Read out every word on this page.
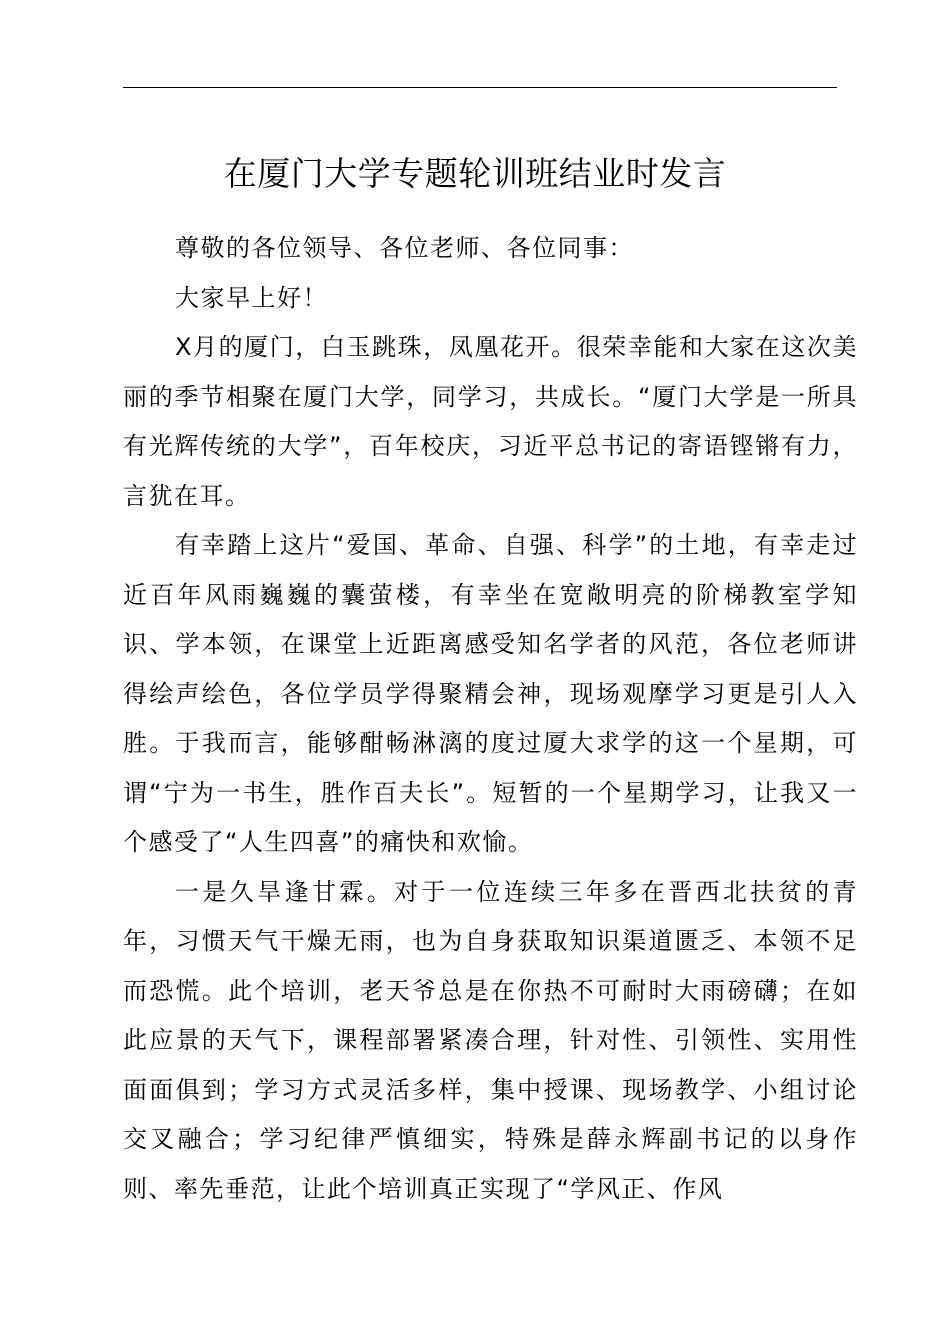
在厦门大学专题轮训班结业时发言

尊敬的各位领导、各位老师、各位同事：

大家早上好！

X月的厦门，白玉跳珠，凤凰花开。很荣幸能和大家在这次美丽的季节相聚在厦门大学，同学习，共成长。“厦门大学是一所具有光辉传统的大学”，百年校庆，习近平总书记的寄语铿锵有力，言犹在耳。

有幸踏上这片“爱国、革命、自强、科学”的土地，有幸走过近百年风雨巍巍的囊萤楼，有幸坐在宽敞明亮的阶梯教室学知识、学本领，在课堂上近距离感受知名学者的风范，各位老师讲得绘声绘色，各位学员学得聚精会神，现场观摩学习更是引人入胜。于我而言，能够酣畅淋漓的度过厦大求学的这一个星期，可谓“宁为一书生，胜作百夫长”。短暂的一个星期学习，让我又一个感受了“人生四喜”的痛快和欢愉。

一是久旱逢甘霖。对于一位连续三年多在晋西北扶贫的青年，习惯天气干燥无雨，也为自身获取知识渠道匮乏、本领不足而恐慌。此个培训，老天爷总是在你热不可耐时大雨磅礴；在如此应景的天气下，课程部署紧凑合理，针对性、引领性、实用性面面俱到；学习方式灵活多样，集中授课、现场教学、小组讨论交叉融合；学习纪律严慎细实，特殊是薛永辉副书记的以身作则、率先垂范，让此个培训真正实现了“学风正、作风
